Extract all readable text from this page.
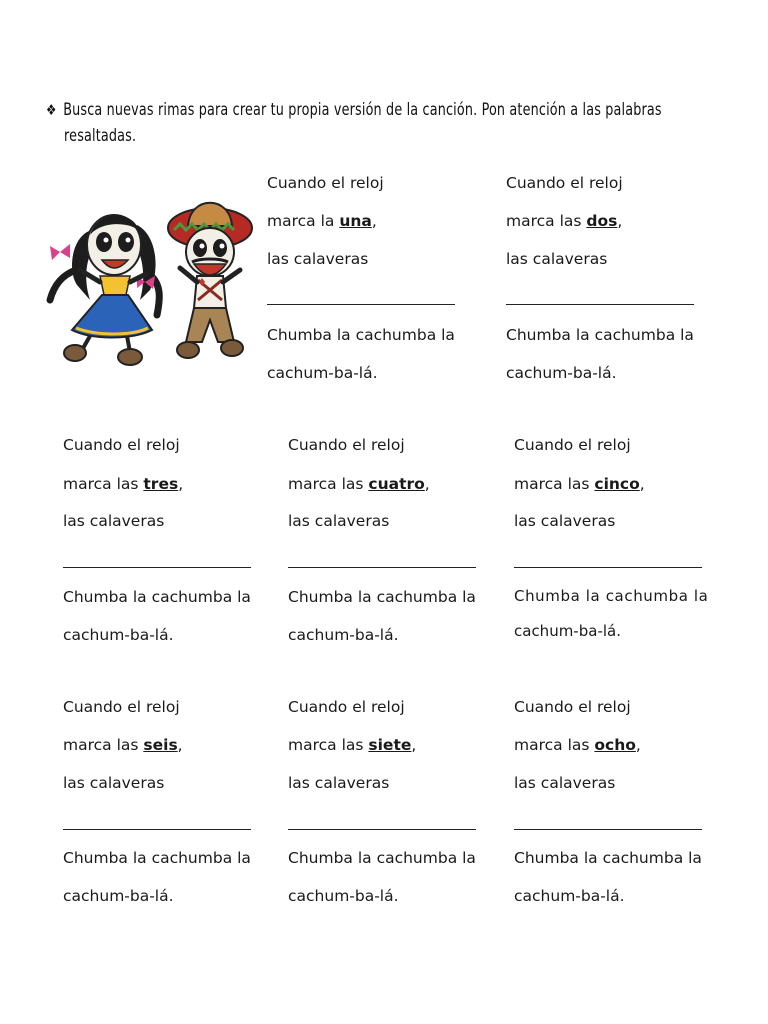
❖ Busca nuevas rimas para crear tu propia versión de la canción. Pon atención a las palabras
resaltadas.
Cuando el reloj
marca la una,
las calaveras
Chumba la cachumba la
cachum-ba-lá.
Cuando el reloj
marca las dos,
las calaveras
Chumba la cachumba la
cachum-ba-lá.
Cuando el reloj
marca las tres,
las calaveras
Chumba la cachumba la
cachum-ba-lá.
Cuando el reloj
marca las cuatro,
las calaveras
Chumba la cachumba la
cachum-ba-lá.
Cuando el reloj
marca las cinco,
las calaveras
Chumba la cachumba la
cachum-ba-lá.
Cuando el reloj
marca las seis,
las calaveras
Chumba la cachumba la
cachum-ba-lá.
Cuando el reloj
marca las siete,
las calaveras
Chumba la cachumba la
cachum-ba-lá.
Cuando el reloj
marca las ocho,
las calaveras
Chumba la cachumba la
cachum-ba-lá.
